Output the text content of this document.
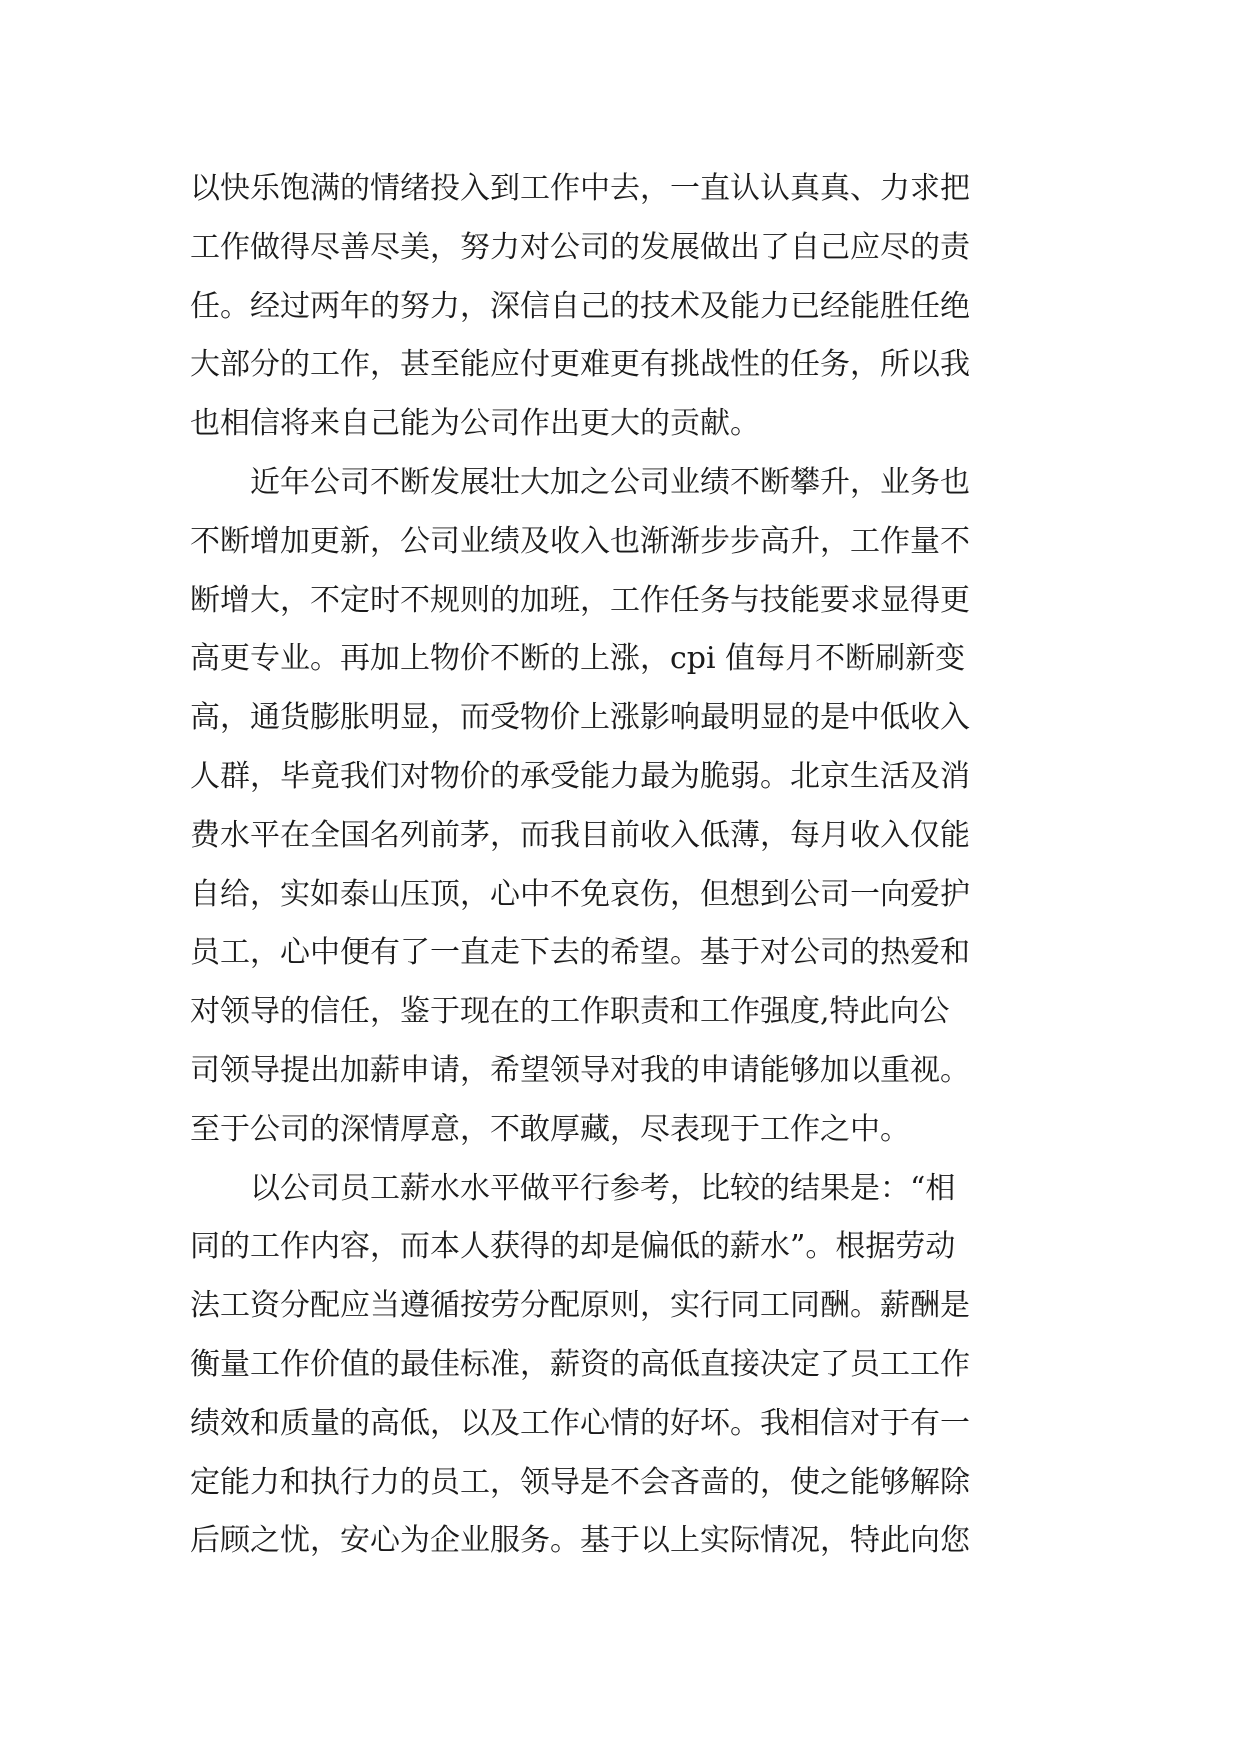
以快乐饱满的情绪投入到工作中去，一直认认真真、力求把
工作做得尽善尽美，努力对公司的发展做出了自己应尽的责
任。经过两年的努力，深信自己的技术及能力已经能胜任绝
大部分的工作，甚至能应付更难更有挑战性的任务，所以我
也相信将来自己能为公司作出更大的贡献。
　　近年公司不断发展壮大加之公司业绩不断攀升，业务也
不断增加更新，公司业绩及收入也渐渐步步高升，工作量不
断增大，不定时不规则的加班，工作任务与技能要求显得更
高更专业。再加上物价不断的上涨，cpi 值每月不断刷新变
高，通货膨胀明显，而受物价上涨影响最明显的是中低收入
人群，毕竟我们对物价的承受能力最为脆弱。北京生活及消
费水平在全国名列前茅，而我目前收入低薄，每月收入仅能
自给，实如泰山压顶，心中不免哀伤，但想到公司一向爱护
员工，心中便有了一直走下去的希望。基于对公司的热爱和
对领导的信任，鉴于现在的工作职责和工作强度,特此向公
司领导提出加薪申请，希望领导对我的申请能够加以重视。
至于公司的深情厚意，不敢厚藏，尽表现于工作之中。
　　以公司员工薪水水平做平行参考，比较的结果是：“相
同的工作内容，而本人获得的却是偏低的薪水”。根据劳动
法工资分配应当遵循按劳分配原则，实行同工同酬。薪酬是
衡量工作价值的最佳标准，薪资的高低直接决定了员工工作
绩效和质量的高低，以及工作心情的好坏。我相信对于有一
定能力和执行力的员工，领导是不会吝啬的，使之能够解除
后顾之忧，安心为企业服务。基于以上实际情况，特此向您
